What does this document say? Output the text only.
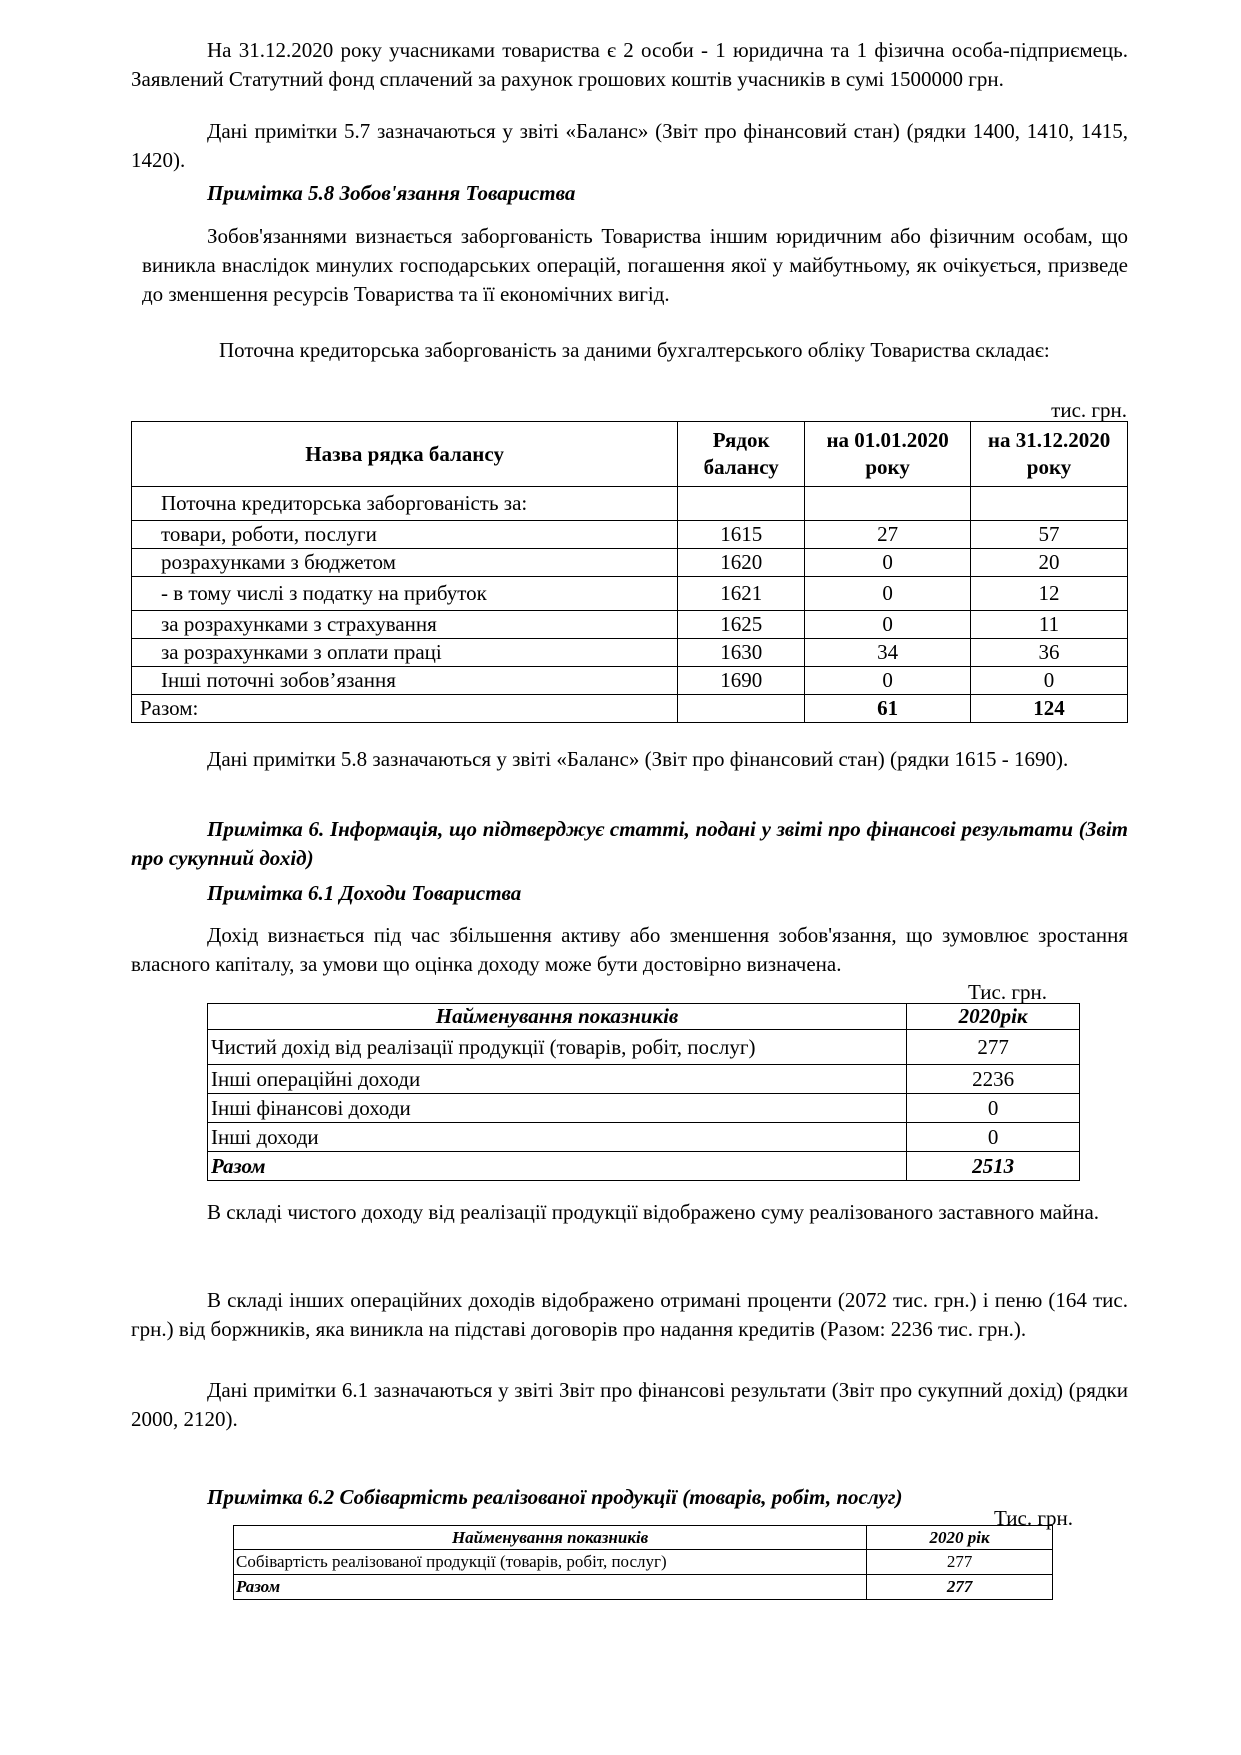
На 31.12.2020 року учасниками товариства є 2 особи - 1 юридична та 1 фізична особа-підприємець. Заявлений Статутний фонд сплачений за рахунок грошових коштів учасників в сумі 1500000 грн.

Дані примітки 5.7 зазначаються у звіті «Баланс» (Звіт про фінансовий стан) (рядки 1400, 1410, 1415, 1420).

Примітка 5.8 Зобов'язання Товариства

Зобов'язаннями визнається заборгованість Товариства іншим юридичним або фізичним особам, що виникла внаслідок минулих господарських операцій, погашення якої у майбутньому, як очікується, призведе до зменшення ресурсів Товариства та її економічних вигід.

Поточна кредиторська заборгованість за даними бухгалтерського обліку Товариства складає:

тис. грн.

Назва рядка балансу	Рядок балансу	на 01.01.2020 року	на 31.12.2020 року
Поточна кредиторська заборгованість за:			
товари, роботи, послуги	1615	27	57
розрахунками з бюджетом	1620	0	20
- в тому числі з податку на прибуток	1621	0	12
за розрахунками з страхування	1625	0	11
за розрахунками з оплати праці	1630	34	36
Інші поточні зобов’язання	1690	0	0
Разом:		61	124

Дані примітки 5.8 зазначаються у звіті «Баланс» (Звіт про фінансовий стан) (рядки 1615 - 1690).

Примітка 6. Інформація, що підтверджує статті, подані у звіті про фінансові результати (Звіт про сукупний дохід)

Примітка 6.1 Доходи Товариства

Дохід визнається під час збільшення активу або зменшення зобов'язання, що зумовлює зростання власного капіталу, за умови що оцінка доходу може бути достовірно визначена.

Тис. грн.

Найменування показників	2020рік
Чистий дохід від реалізації продукції (товарів, робіт, послуг)	277
Інші операційні доходи	2236
Інші фінансові доходи	0
Інші доходи	0
Разом	2513

В складі чистого доходу від реалізації продукції відображено суму реалізованого заставного майна.

В складі інших операційних доходів відображено отримані проценти (2072 тис. грн.) і пеню (164 тис. грн.) від боржників, яка виникла на підставі договорів про надання кредитів (Разом: 2236 тис. грн.).

Дані примітки 6.1 зазначаються у звіті Звіт про фінансові результати (Звіт про сукупний дохід) (рядки 2000, 2120).

Примітка 6.2 Собівартість реалізованої продукції (товарів, робіт, послуг)

Тис. грн.

Найменування показників	2020 рік
Собівартість реалізованої продукції (товарів, робіт, послуг)	277
Разом	277
